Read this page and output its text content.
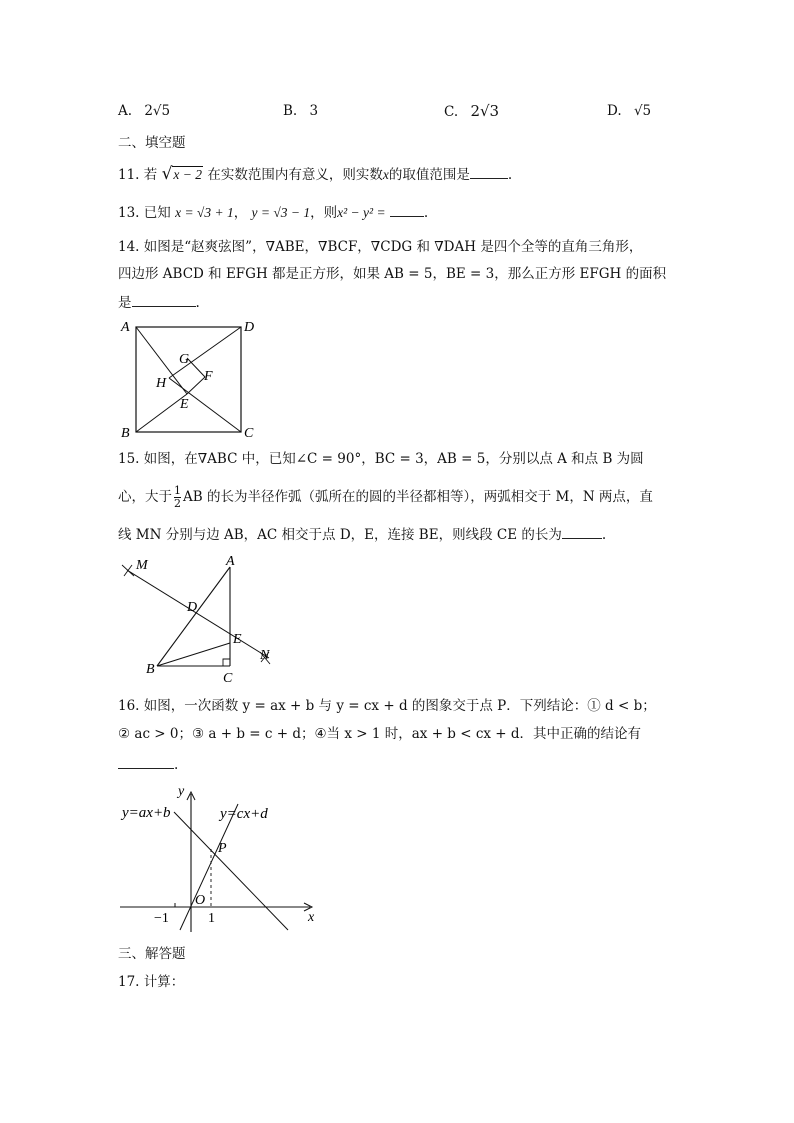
A. 2√5	B. 3	C. 2√3	D. √5
二、填空题
11. 若 √x − 2 在实数范围内有意义，则实数x的取值范围是	.
13. 已知 x = √3 + 1， y = √3 − 1，则x² − y² =	.
14. 如图是“赵爽弦图”，∇ABE，∇BCF，∇CDG 和 ∇DAH 是四个全等的直角三角形，
四边形 ABCD 和 EFGH 都是正方形，如果 AB = 5，BE = 3，那么正方形 EFGH 的面积
是	.
A	D
B	C
G
F
H
E
15. 如图，在∇ABC 中，已知∠C = 90°，BC = 3，AB = 5，分别以点 A 和点 B 为圆
心，大于 $\frac{1}{2}$ AB 的长为半径作弧（弧所在的圆的半径都相等），两弧相交于 M，N 两点，直
线 MN 分别与边 AB，AC 相交于点 D，E，连接 BE，则线段 CE 的长为	.
M	A
D
E
B
C
N
16. 如图，一次函数 y = ax + b 与 y = cx + d 的图象交于点 P．下列结论：① d < b；
② ac > 0；③ a + b = c + d；④当 x > 1 时，ax + b < cx + d．其中正确的结论有
.
y
x
y=ax+b	y=cx+d
P
O
−1	1
三、解答题
17. 计算：
